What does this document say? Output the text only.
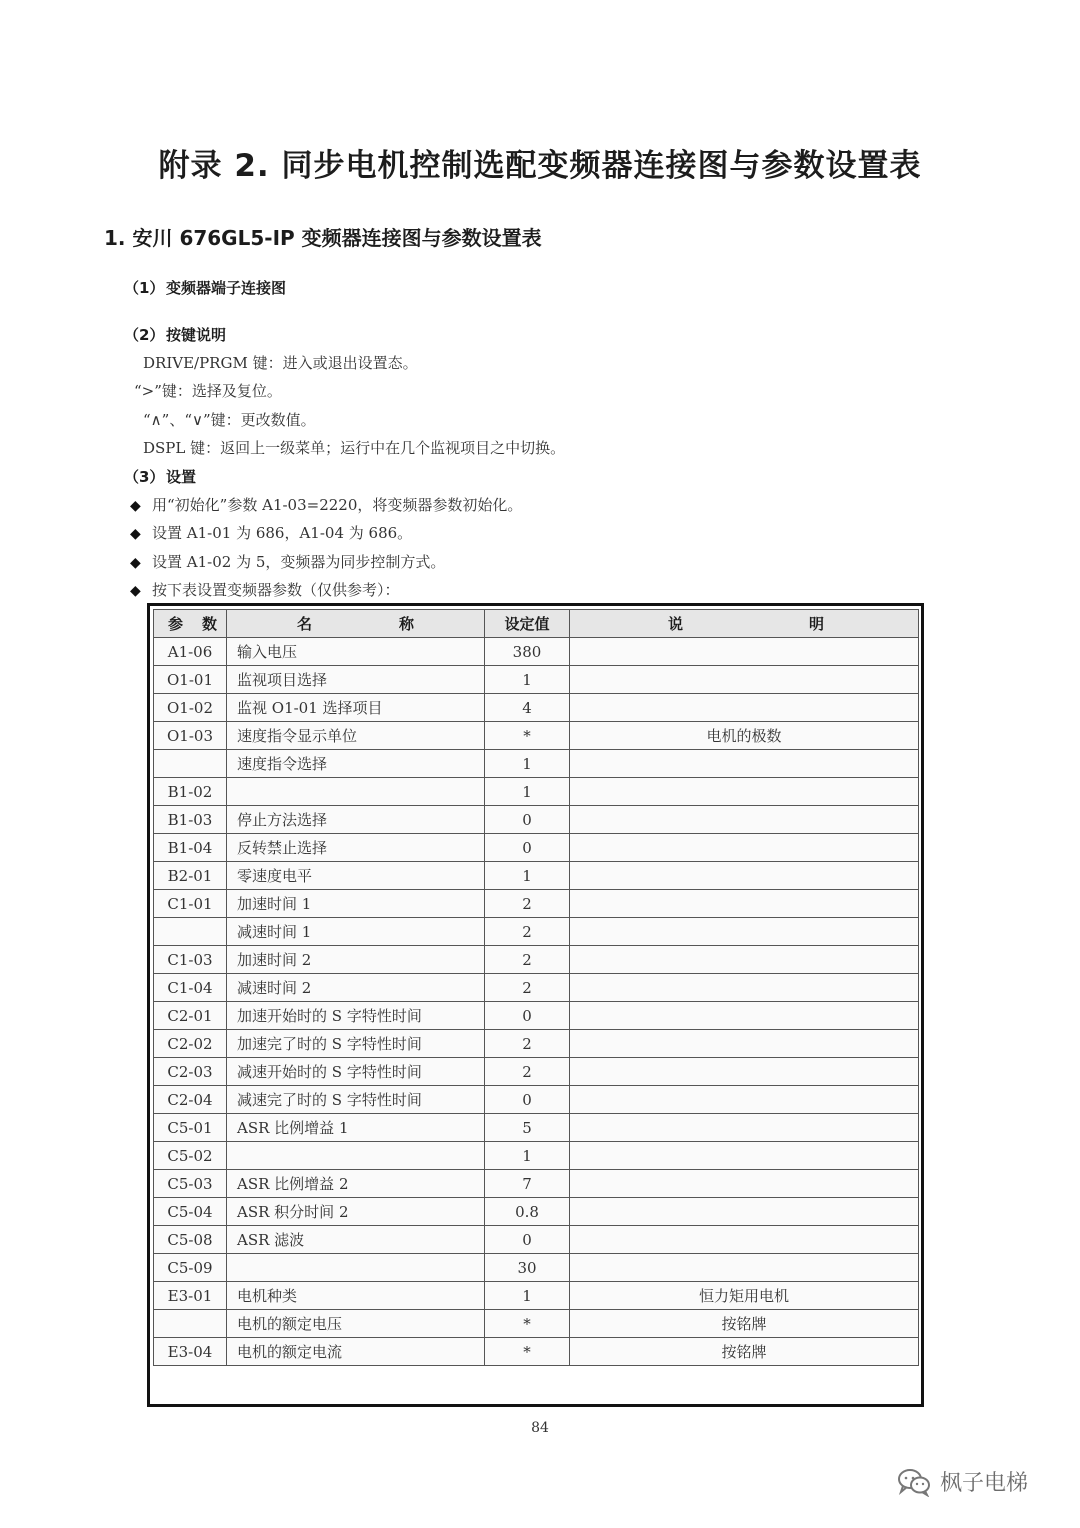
附录 2. 同步电机控制选配变频器连接图与参数设置表
1. 安川 676GL5-IP 变频器连接图与参数设置表
（1） 变频器端子连接图
（2） 按键说明
DRIVE/PRGM 键：进入或退出设置态。
“>”键：选择及复位。
“∧”、“∨”键：更改数值。
DSPL 键：返回上一级菜单；运行中在几个监视项目之中切换。
（3） 设置
◆ 用“初始化”参数 A1-03=2220，将变频器参数初始化。
◆ 设置 A1-01 为 686，A1-04 为 686。
◆ 设置 A1-02 为 5，变频器为同步控制方式。
◆ 按下表设置变频器参数（仅供参考）：
参 数	名 称	设定值	说 明

A1-06	输入电压	380	
O1-01	监视项目选择	1	
O1-02	监视 O1-01 选择项目	4	
O1-03	速度指令显示单位	*	电机的极数
	速度指令选择	1	
B1-02		1	
B1-03	停止方法选择	0	
B1-04	反转禁止选择	0	
B2-01	零速度电平	1	
C1-01	加速时间 1	2	
	减速时间 1	2	
C1-03	加速时间 2	2	
C1-04	减速时间 2	2	
C2-01	加速开始时的 S 字特性时间	0	
C2-02	加速完了时的 S 字特性时间	2	
C2-03	减速开始时的 S 字特性时间	2	
C2-04	减速完了时的 S 字特性时间	0	
C5-01	ASR 比例增益 1	5	
C5-02		1	
C5-03	ASR 比例增益 2	7	
C5-04	ASR 积分时间 2	0.8	
C5-08	ASR 滤波	0	
C5-09		30	
E3-01	电机种类	1	恒力矩用电机
	电机的额定电压	*	按铭牌
E3-04	电机的额定电流	*	按铭牌
84
枫子电梯
